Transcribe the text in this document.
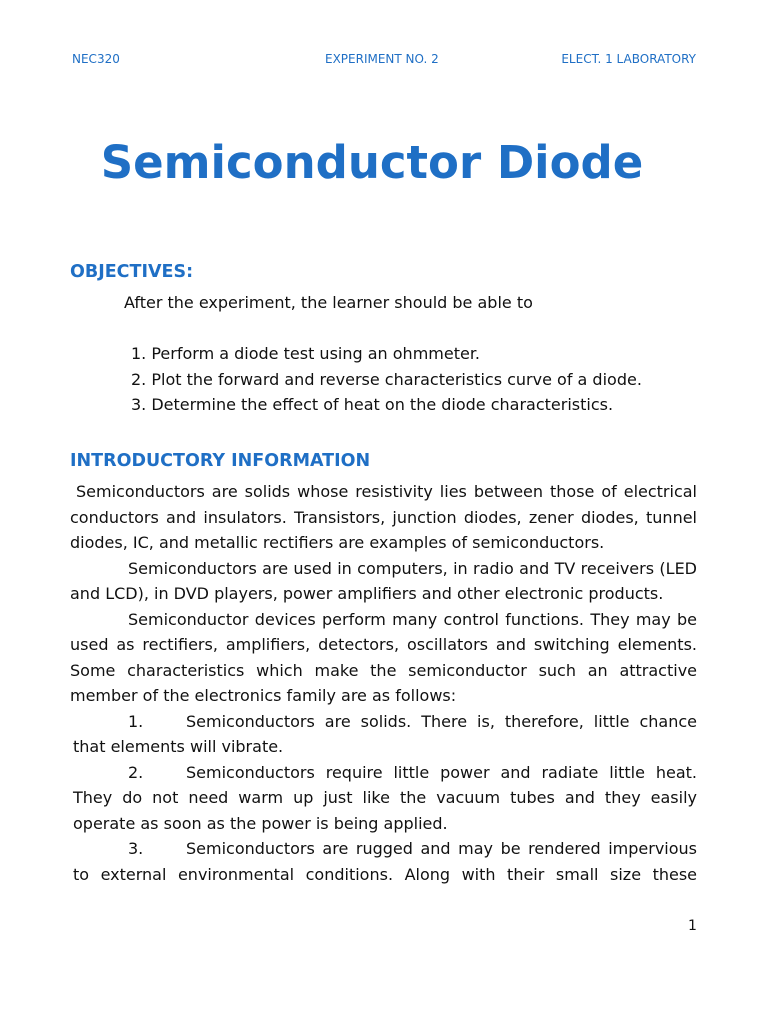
NEC320	EXPERIMENT NO. 2	ELECT. 1 LABORATORY
Semiconductor Diode
OBJECTIVES:
After the experiment, the learner should be able to
1. Perform a diode test using an ohmmeter.
2. Plot the forward and reverse characteristics curve of a diode.
3. Determine the effect of heat on the diode characteristics.
INTRODUCTORY INFORMATION

Semiconductors are solids whose resistivity lies between those of electrical conductors and insulators. Transistors, junction diodes, zener diodes, tunnel diodes, IC, and metallic rectifiers are examples of semiconductors.

Semiconductors are used in computers, in radio and TV receivers (LED and LCD), in DVD players, power amplifiers and other electronic products.

Semiconductor devices perform many control functions. They may be used as rectifiers, amplifiers, detectors, oscillators and switching elements. Some characteristics which make the semiconductor such an attractive member of the electronics family are as follows:

1.	Semiconductors are solids. There is, therefore, little chance

that elements will vibrate.

2.	Semiconductors require little power and radiate little heat.

They do not need warm up just like the vacuum tubes and they easily operate as soon as the power is being applied.

3.	Semiconductors are rugged and may be rendered impervious

to external environmental conditions. Along with their small size these

1
